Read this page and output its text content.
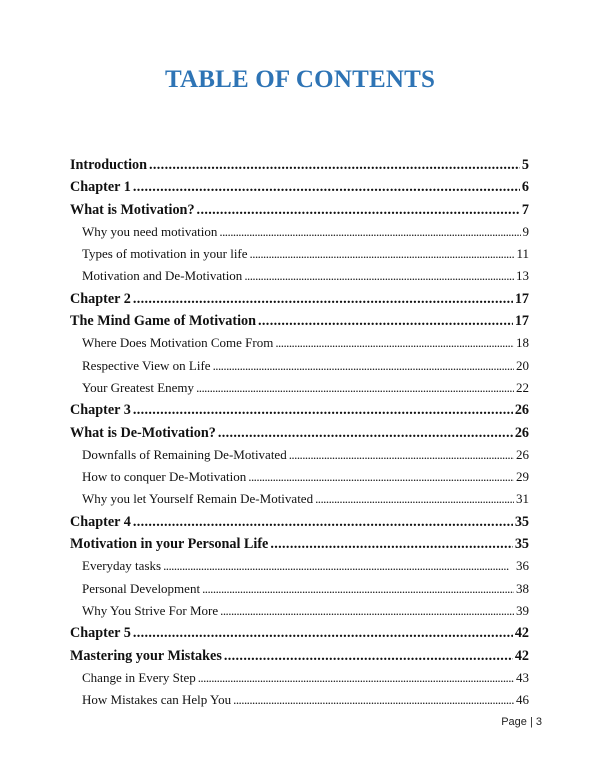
TABLE OF CONTENTS
Introduction . . .	5
Chapter 1 . . .	6
What is Motivation? . . .	7
Why you need motivation . . .	9
Types of motivation in your life . . .	11
Motivation and De-Motivation . . .	13
Chapter 2 . . .	17
The Mind Game of Motivation . . .	17
Where Does Motivation Come From . . .	18
Respective View on Life . . .	20
Your Greatest Enemy . . .	22
Chapter 3 . . .	26
What is De-Motivation? . . .	26
Downfalls of Remaining De-Motivated . . .	26
How to conquer De-Motivation . . .	29
Why you let Yourself Remain De-Motivated . . .	31
Chapter 4 . . .	35
Motivation in your Personal Life . . .	35
Everyday tasks . . .	36
Personal Development . . .	38
Why You Strive For More . . .	39
Chapter 5 . . .	42
Mastering your Mistakes . . .	42
Change in Every Step . . .	43
How Mistakes can Help You . . .	46
Page | 3
